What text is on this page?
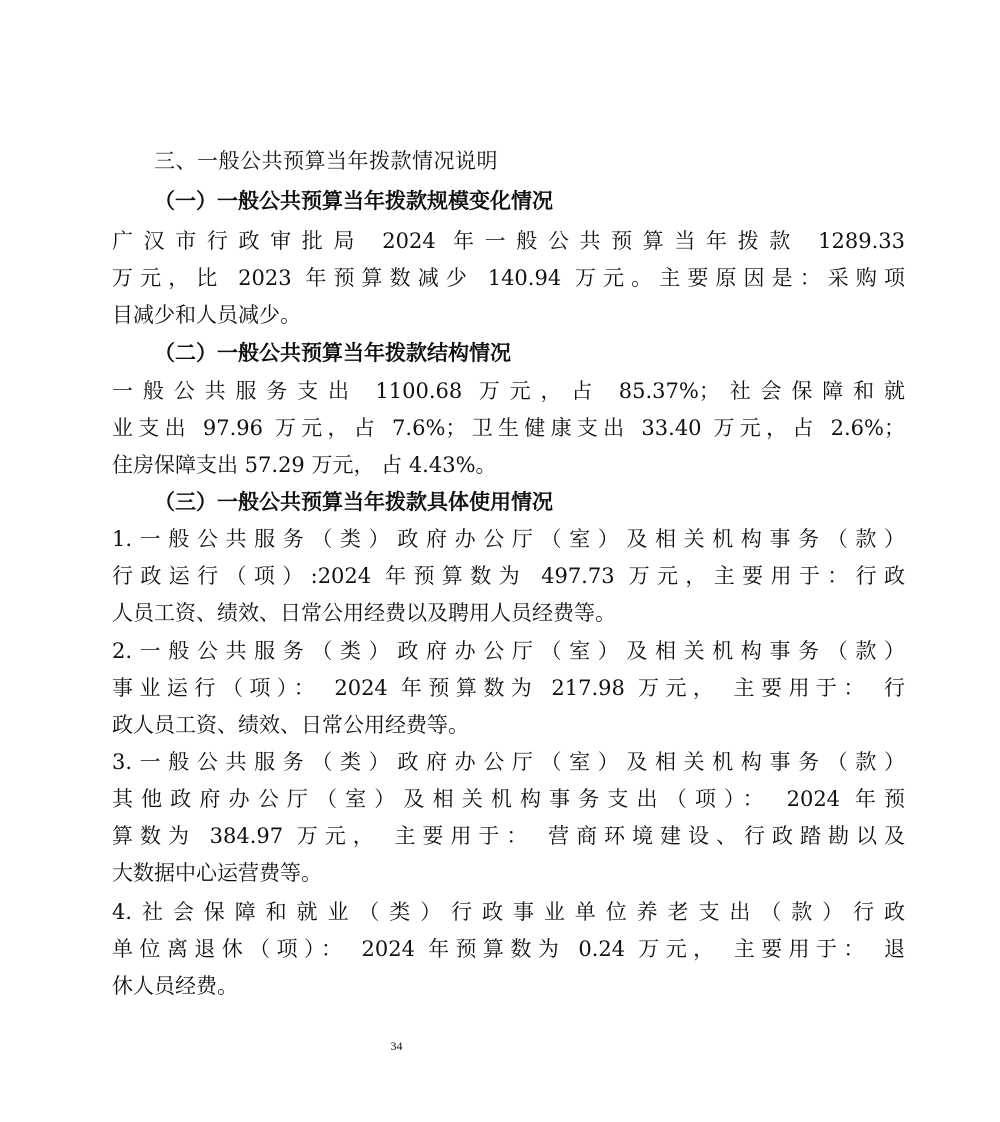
三、一般公共预算当年拨款情况说明
（一）一般公共预算当年拨款规模变化情况
广汉市行政审批局 2024 年一般公共预算当年拨款 1289.33
万元，比 2023 年预算数减少 140.94 万元。主要原因是：采购项
目减少和人员减少。
（二）一般公共预算当年拨款结构情况
一般公共服务支出 1100.68 万元，占 85.37%；社会保障和就
业支出 97.96 万元，占 7.6%；卫生健康支出 33.40 万元，占 2.6%；
住房保障支出 57.29 万元， 占 4.43%。
（三）一般公共预算当年拨款具体使用情况
1.一般公共服务（类）政府办公厅（室）及相关机构事务（款）
行政运行（项）:2024 年预算数为 497.73 万元，主要用于：行政
人员工资、绩效、日常公用经费以及聘用人员经费等。
2.一般公共服务（类）政府办公厅（室）及相关机构事务（款）
事业运行（项）： 2024 年预算数为 217.98 万元， 主要用于： 行
政人员工资、绩效、日常公用经费等。
3.一般公共服务（类）政府办公厅（室）及相关机构事务（款）
其他政府办公厅（室）及相关机构事务支出（项）： 2024 年预
算数为 384.97 万元， 主要用于： 营商环境建设、行政踏勘以及
大数据中心运营费等。
4.社会保障和就业（类）行政事业单位养老支出（款）行政
单位离退休（项）： 2024 年预算数为 0.24 万元， 主要用于： 退
休人员经费。
34
